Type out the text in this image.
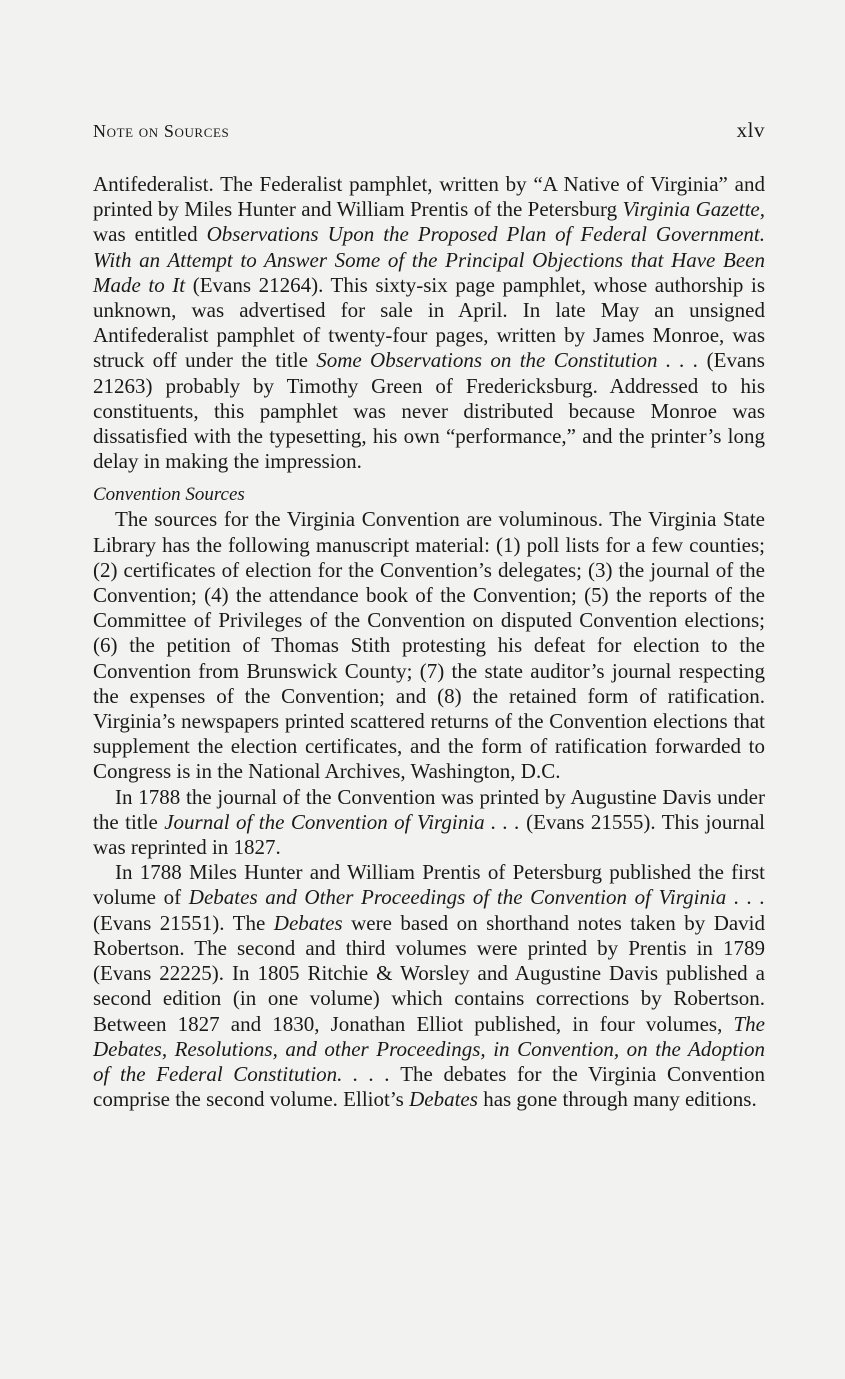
Note on Sources	xlv

Antifederalist. The Federalist pamphlet, written by “A Native of Virginia” and printed by Miles Hunter and William Prentis of the Petersburg Virginia Gazette, was entitled Observations Upon the Proposed Plan of Federal Government. With an Attempt to Answer Some of the Principal Objections that Have Been Made to It (Evans 21264). This sixty-six page pamphlet, whose authorship is unknown, was advertised for sale in April. In late May an unsigned Antifederalist pamphlet of twenty-four pages, written by James Monroe, was struck off under the title Some Observations on the Constitution . . . (Evans 21263) probably by Timothy Green of Fredericksburg. Addressed to his constituents, this pamphlet was never distributed because Monroe was dissatisfied with the typesetting, his own “performance,” and the printer’s long delay in making the impression.

Convention Sources

The sources for the Virginia Convention are voluminous. The Virginia State Library has the following manuscript material: (1) poll lists for a few counties; (2) certificates of election for the Convention’s delegates; (3) the journal of the Convention; (4) the attendance book of the Convention; (5) the reports of the Committee of Privileges of the Convention on disputed Convention elections; (6) the petition of Thomas Stith protesting his defeat for election to the Convention from Brunswick County; (7) the state auditor’s journal respecting the expenses of the Convention; and (8) the retained form of ratification. Virginia’s newspapers printed scattered returns of the Convention elections that supplement the election certificates, and the form of ratification forwarded to Congress is in the National Archives, Washington, D.C.

In 1788 the journal of the Convention was printed by Augustine Davis under the title Journal of the Convention of Virginia . . . (Evans 21555). This journal was reprinted in 1827.

In 1788 Miles Hunter and William Prentis of Petersburg published the first volume of Debates and Other Proceedings of the Convention of Virginia . . . (Evans 21551). The Debates were based on shorthand notes taken by David Robertson. The second and third volumes were printed by Prentis in 1789 (Evans 22225). In 1805 Ritchie & Worsley and Augustine Davis published a second edition (in one volume) which contains corrections by Robertson. Between 1827 and 1830, Jonathan Elliot published, in four volumes, The Debates, Resolutions, and other Proceedings, in Convention, on the Adoption of the Federal Constitution. . . . The debates for the Virginia Convention comprise the second volume. Elliot’s Debates has gone through many editions.
